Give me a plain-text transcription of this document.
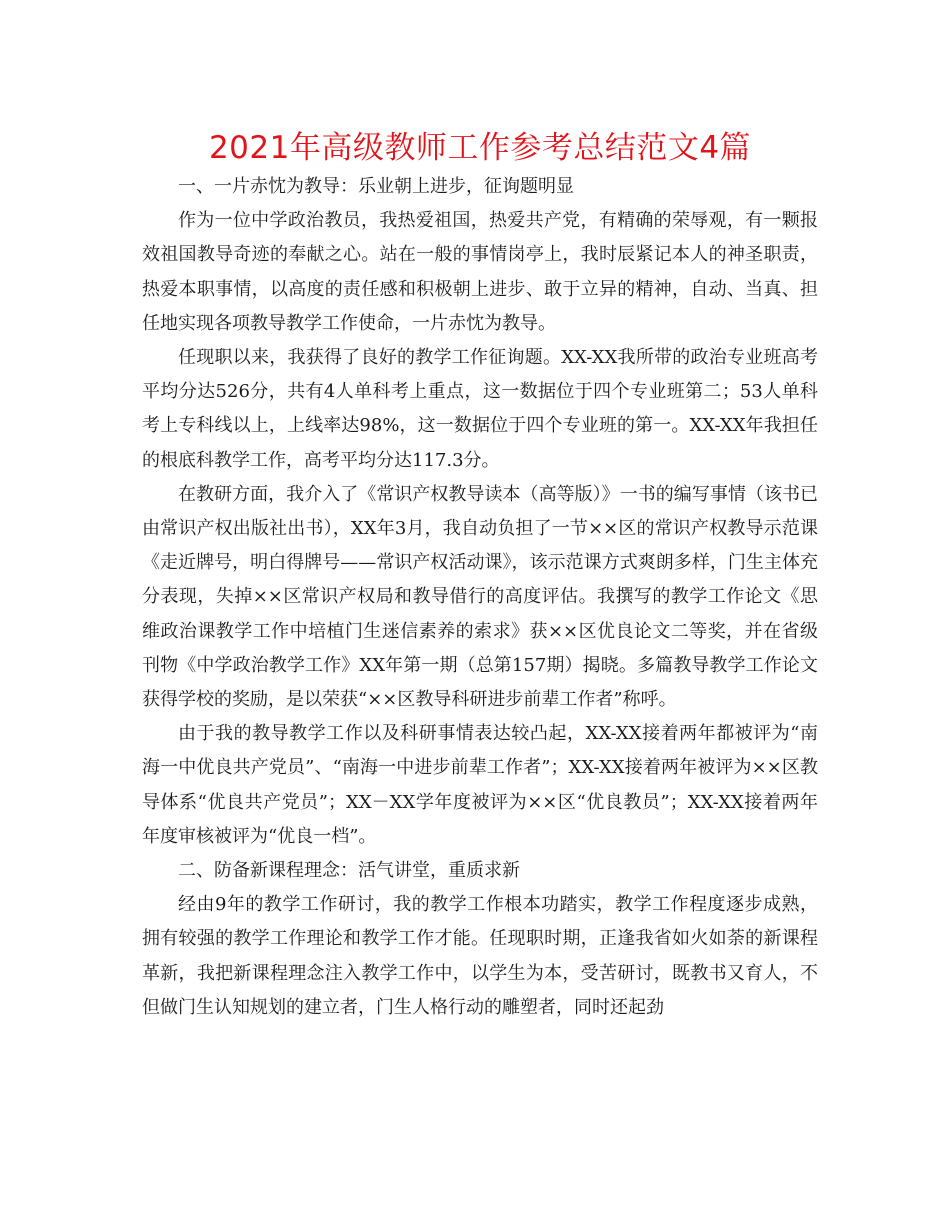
2021年高级教师工作参考总结范文4篇

一、一片赤忱为教导：乐业朝上进步，征询题明显

作为一位中学政治教员，我热爱祖国，热爱共产党，有精确的荣辱观，有一颗报效祖国教导奇迹的奉献之心。站在一般的事情岗亭上，我时辰紧记本人的神圣职责，热爱本职事情，以高度的责任感和积极朝上进步、敢于立异的精神，自动、当真、担任地实现各项教导教学工作使命，一片赤忱为教导。

任现职以来，我获得了良好的教学工作征询题。XX-XX我所带的政治专业班高考平均分达526分，共有4人单科考上重点，这一数据位于四个专业班第二；53人单科考上专科线以上，上线率达98%，这一数据位于四个专业班的第一。XX-XX年我担任的根底科教学工作，高考平均分达117.3分。

在教研方面，我介入了《常识产权教导读本（高等版）》一书的编写事情（该书已由常识产权出版社出书），XX年3月，我自动负担了一节××区的常识产权教导示范课《走近牌号，明白得牌号——常识产权活动课》，该示范课方式爽朗多样，门生主体充分表现，失掉××区常识产权局和教导借行的高度评估。我撰写的教学工作论文《思维政治课教学工作中培植门生迷信素养的索求》获××区优良论文二等奖，并在省级刊物《中学政治教学工作》XX年第一期（总第157期）揭晓。多篇教导教学工作论文获得学校的奖励，是以荣获“××区教导科研进步前辈工作者”称呼。

由于我的教导教学工作以及科研事情表达较凸起，XX-XX接着两年都被评为“南海一中优良共产党员”、“南海一中进步前辈工作者”；XX-XX接着两年被评为××区教导体系“优良共产党员”；XX－XX学年度被评为××区“优良教员”；XX-XX接着两年年度审核被评为“优良一档”。

二、防备新课程理念：活气讲堂，重质求新

经由9年的教学工作研讨，我的教学工作根本功踏实，教学工作程度逐步成熟，拥有较强的教学工作理论和教学工作才能。任现职时期，正逢我省如火如荼的新课程革新，我把新课程理念注入教学工作中，以学生为本，受苦研讨，既教书又育人，不但做门生认知规划的建立者，门生人格行动的雕塑者，同时还起劲
